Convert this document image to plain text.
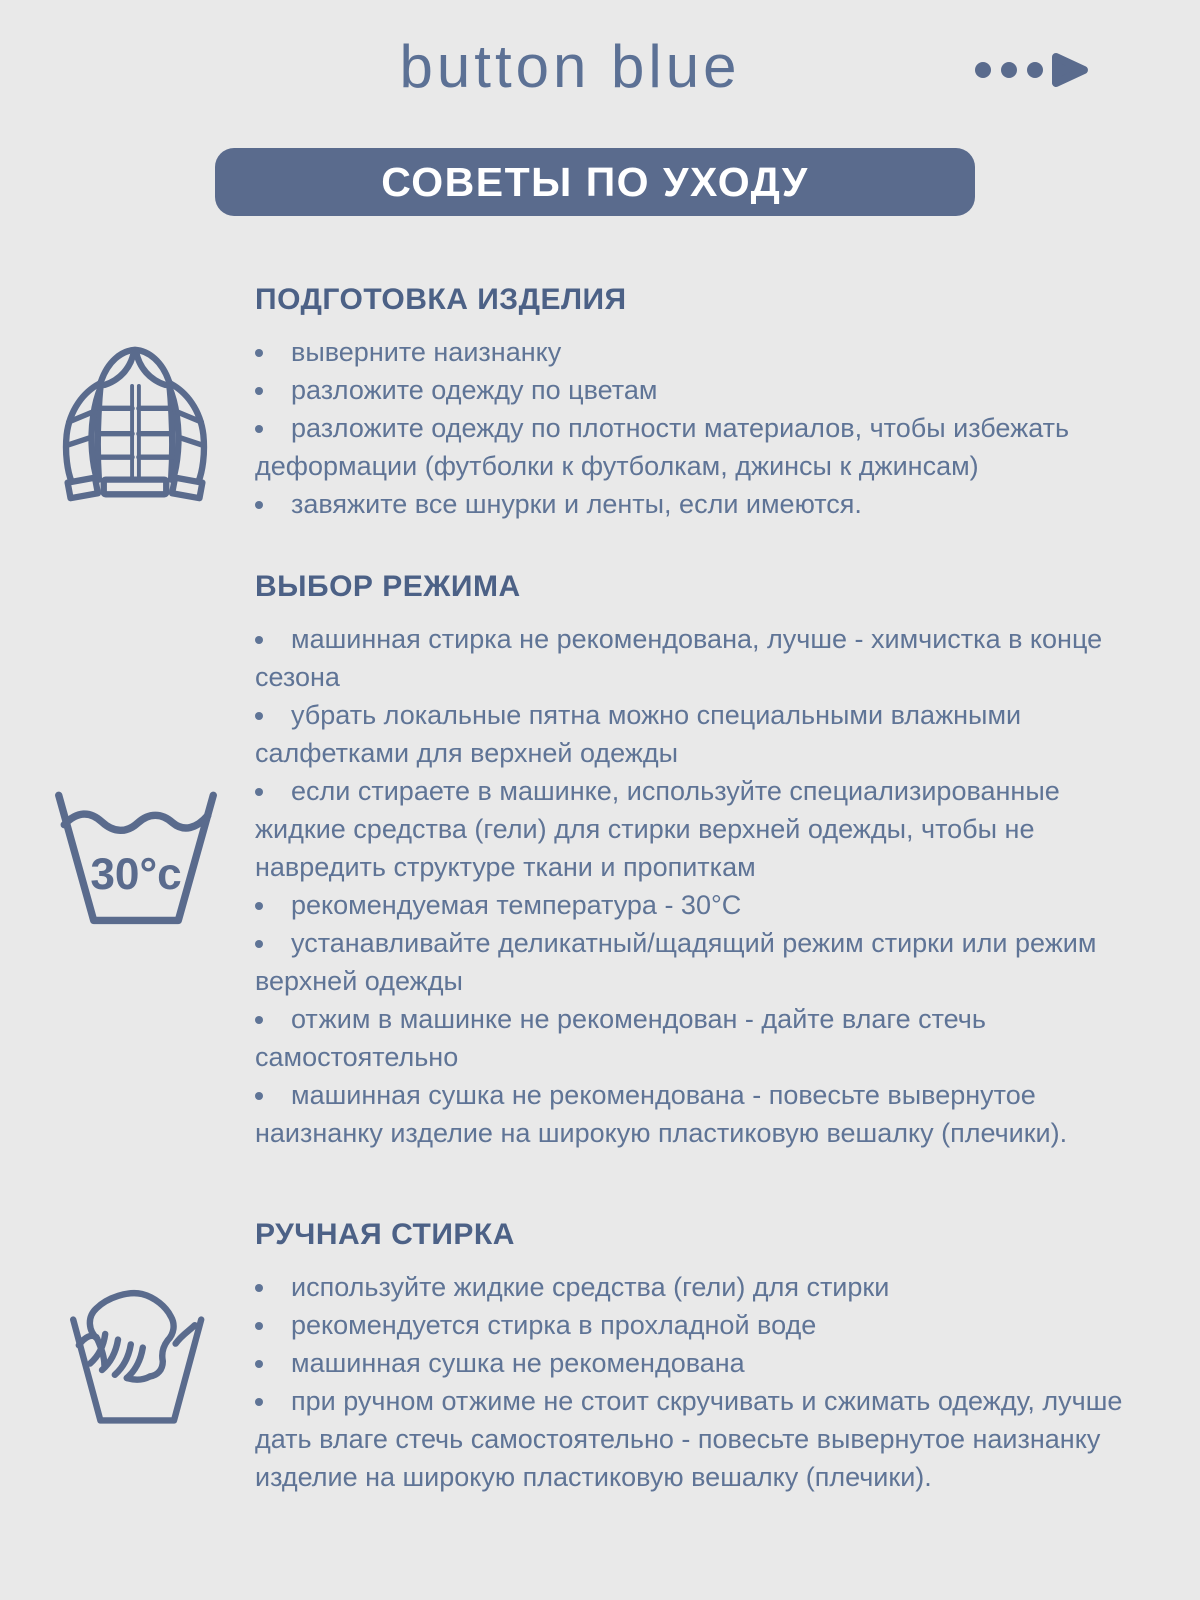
button blue
СОВЕТЫ ПО УХОДУ
30°c
ПОДГОТОВКА ИЗДЕЛИЯ
• выверните наизнанку
• разложите одежду по цветам
• разложите одежду по плотности материалов, чтобы избежать деформации (футболки к футболкам, джинсы к джинсам)
• завяжите все шнурки и ленты, если имеются.
ВЫБОР РЕЖИМА
• машинная стирка не рекомендована, лучше - химчистка в конце сезона
• убрать локальные пятна можно специальными влажными салфетками для верхней одежды
• если стираете в машинке, используйте специализированные жидкие средства (гели) для стирки верхней одежды, чтобы не навредить структуре ткани и пропиткам
• рекомендуемая температура - 30°C
• устанавливайте деликатный/щадящий режим стирки или режим верхней одежды
• отжим в машинке не рекомендован - дайте влаге стечь самостоятельно
• машинная сушка не рекомендована - повесьте вывернутое наизнанку изделие на широкую пластиковую вешалку (плечики).
РУЧНАЯ СТИРКА
• используйте жидкие средства (гели) для стирки
• рекомендуется стирка в прохладной воде
• машинная сушка не рекомендована
• при ручном отжиме не стоит скручивать и сжимать одежду, лучше дать влаге стечь самостоятельно - повесьте вывернутое наизнанку изделие на широкую пластиковую вешалку (плечики).
